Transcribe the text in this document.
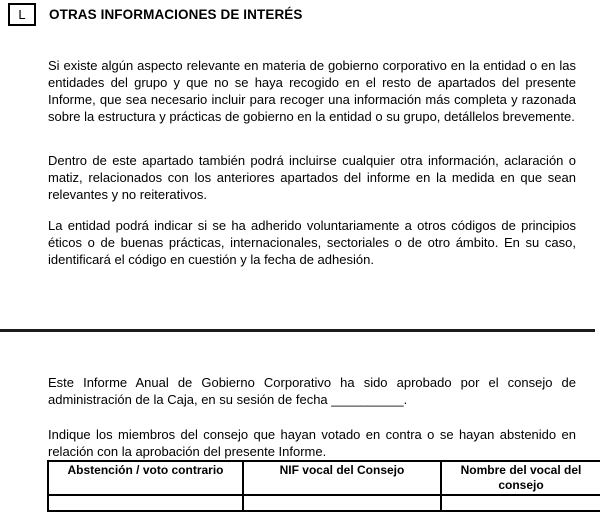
L OTRAS INFORMACIONES DE INTERÉS

Si existe algún aspecto relevante en materia de gobierno corporativo en la entidad o en las entidades del grupo y que no se haya recogido en el resto de apartados del presente Informe, que sea necesario incluir para recoger una información más completa y razonada sobre la estructura y prácticas de gobierno en la entidad o su grupo, detállelos brevemente.

Dentro de este apartado también podrá incluirse cualquier otra información, aclaración o matiz, relacionados con los anteriores apartados del informe en la medida en que sean relevantes y no reiterativos.

La entidad podrá indicar si se ha adherido voluntariamente a otros códigos de principios éticos o de buenas prácticas, internacionales, sectoriales o de otro ámbito. En su caso, identificará el código en cuestión y la fecha de adhesión.

Este Informe Anual de Gobierno Corporativo ha sido aprobado por el consejo de administración de la Caja, en su sesión de fecha __________.

Indique los miembros del consejo que hayan votado en contra o se hayan abstenido en relación con la aprobación del presente Informe.

Abstención / voto contrario	NIF vocal del Consejo	Nombre del vocal del consejo
